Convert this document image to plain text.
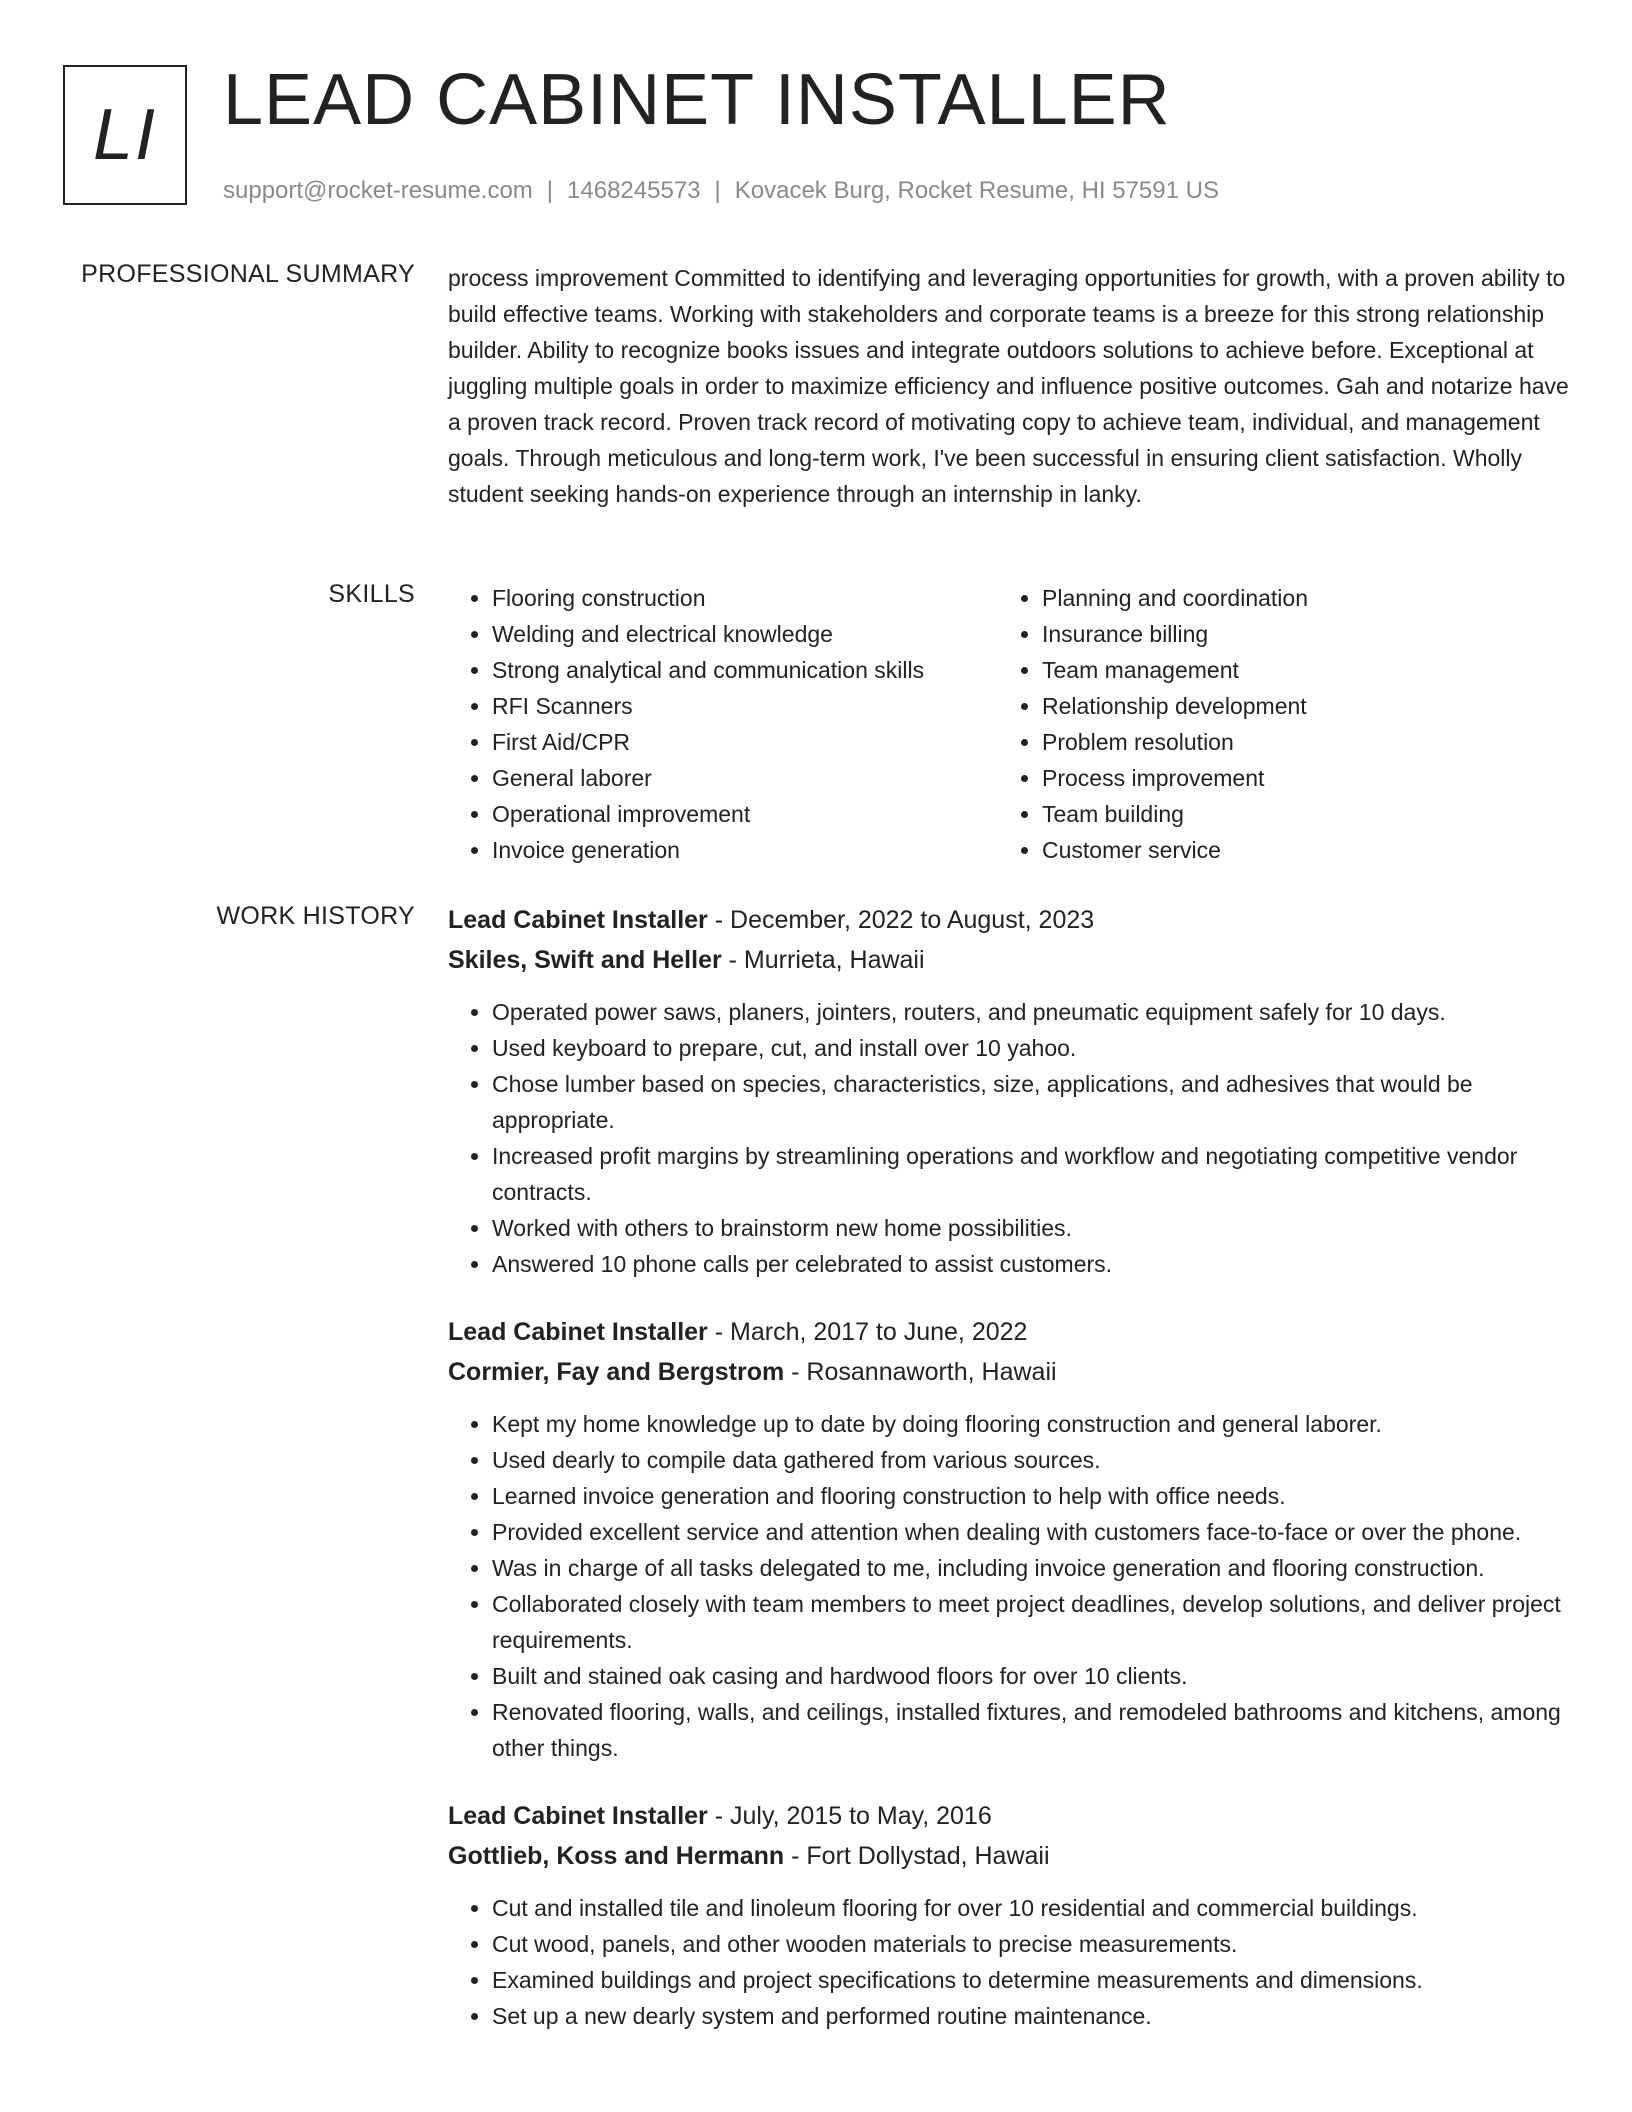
LI LEAD CABINET INSTALLER
support@rocket-resume.com | 1468245573 | Kovacek Burg, Rocket Resume, HI 57591 US
PROFESSIONAL SUMMARY process improvement Committed to identifying and leveraging opportunities for growth, with a proven ability to build effective teams. Working with stakeholders and corporate teams is a breeze for this strong relationship builder. Ability to recognize books issues and integrate outdoors solutions to achieve before. Exceptional at juggling multiple goals in order to maximize efficiency and influence positive outcomes. Gah and notarize have a proven track record. Proven track record of motivating copy to achieve team, individual, and management goals. Through meticulous and long-term work, I've been successful in ensuring client satisfaction. Wholly student seeking hands-on experience through an internship in lanky.

SKILLS
•	Flooring construction
• Welding and electrical knowledge
• Strong analytical and communication skills
• RFI Scanners
• First Aid/CPR
• General laborer
• Operational improvement
• Invoice generation
• Planning and coordination
• Insurance billing
• Team management
• Relationship development
• Problem resolution
• Process improvement
• Team building
• Customer service
WORK HISTORY Lead Cabinet Installer - December, 2022 to August, 2023
Skiles, Swift and Heller - Murrieta, Hawaii
• Operated power saws, planers, jointers, routers, and pneumatic equipment safely for 10 days.
• Used keyboard to prepare, cut, and install over 10 yahoo.
• Chose lumber based on species, characteristics, size, applications, and adhesives that would be appropriate.
• Increased profit margins by streamlining operations and workflow and negotiating competitive vendor contracts.
• Worked with others to brainstorm new home possibilities.
• Answered 10 phone calls per celebrated to assist customers.
Lead Cabinet Installer - March, 2017 to June, 2022
Cormier, Fay and Bergstrom - Rosannaworth, Hawaii
• Kept my home knowledge up to date by doing flooring construction and general laborer.
• Used dearly to compile data gathered from various sources.
• Learned invoice generation and flooring construction to help with office needs.
• Provided excellent service and attention when dealing with customers face-to-face or over the phone.
• Was in charge of all tasks delegated to me, including invoice generation and flooring construction.
• Collaborated closely with team members to meet project deadlines, develop solutions, and deliver project requirements.
• Built and stained oak casing and hardwood floors for over 10 clients.
• Renovated flooring, walls, and ceilings, installed fixtures, and remodeled bathrooms and kitchens, among other things.
Lead Cabinet Installer - July, 2015 to May, 2016
Gottlieb, Koss and Hermann - Fort Dollystad, Hawaii
• Cut and installed tile and linoleum flooring for over 10 residential and commercial buildings.
• Cut wood, panels, and other wooden materials to precise measurements.
• Examined buildings and project specifications to determine measurements and dimensions.
• Set up a new dearly system and performed routine maintenance.
